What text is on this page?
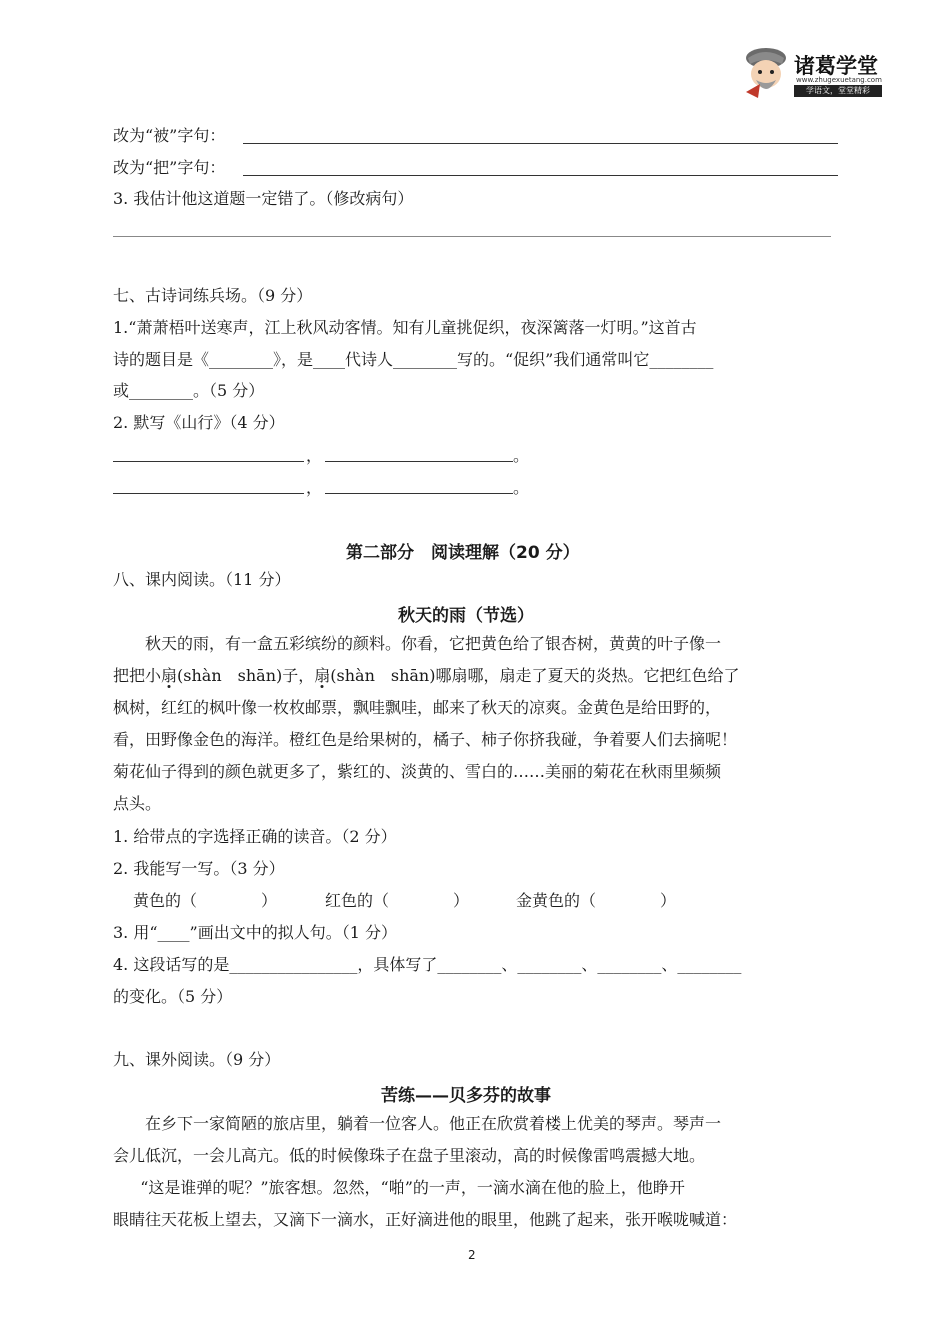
诸葛学堂
www.zhugexuetang.com
学语文，堂堂精彩
改为“被”字句：
改为“把”字句：
3. 我估计他这道题一定错了。（修改病句）
七、古诗词练兵场。（9 分）
1.“萧萧梧叶送寒声，江上秋风动客情。知有儿童挑促织，夜深篱落一灯明。”这首古
诗的题目是《________》，是____代诗人________写的。“促织”我们通常叫它________
或________。（5 分）
2. 默写《山行》（4 分）
，	。
，	。
第二部分　阅读理解（20 分）
八、课内阅读。（11 分）
秋天的雨（节选）
秋天的雨，有一盒五彩缤纷的颜料。你看，它把黄色给了银杏树，黄黄的叶子像一
把把小扇(shàn　shān)子，扇(shàn　shān)哪扇哪，扇走了夏天的炎热。它把红色给了
枫树，红红的枫叶像一枚枚邮票，飘哇飘哇，邮来了秋天的凉爽。金黄色是给田野的，
看，田野像金色的海洋。橙红色是给果树的，橘子、柿子你挤我碰，争着要人们去摘呢！
菊花仙子得到的颜色就更多了，紫红的、淡黄的、雪白的……美丽的菊花在秋雨里频频
点头。
1. 给带点的字选择正确的读音。（2 分）
2. 我能写一写。（3 分）
黄色的（　　　　）	红色的（　　　　）	金黄色的（　　　　）
3. 用“____”画出文中的拟人句。（1 分）
4. 这段话写的是________________，具体写了________、________、________、________
的变化。（5 分）
九、课外阅读。（9 分）
苦练——贝多芬的故事
在乡下一家简陋的旅店里，躺着一位客人。他正在欣赏着楼上优美的琴声。琴声一
会儿低沉，一会儿高亢。低的时候像珠子在盘子里滚动，高的时候像雷鸣震撼大地。
“这是谁弹的呢？”旅客想。忽然，“啪”的一声，一滴水滴在他的脸上，他睁开
眼睛往天花板上望去，又滴下一滴水，正好滴进他的眼里，他跳了起来，张开喉咙喊道：
2
